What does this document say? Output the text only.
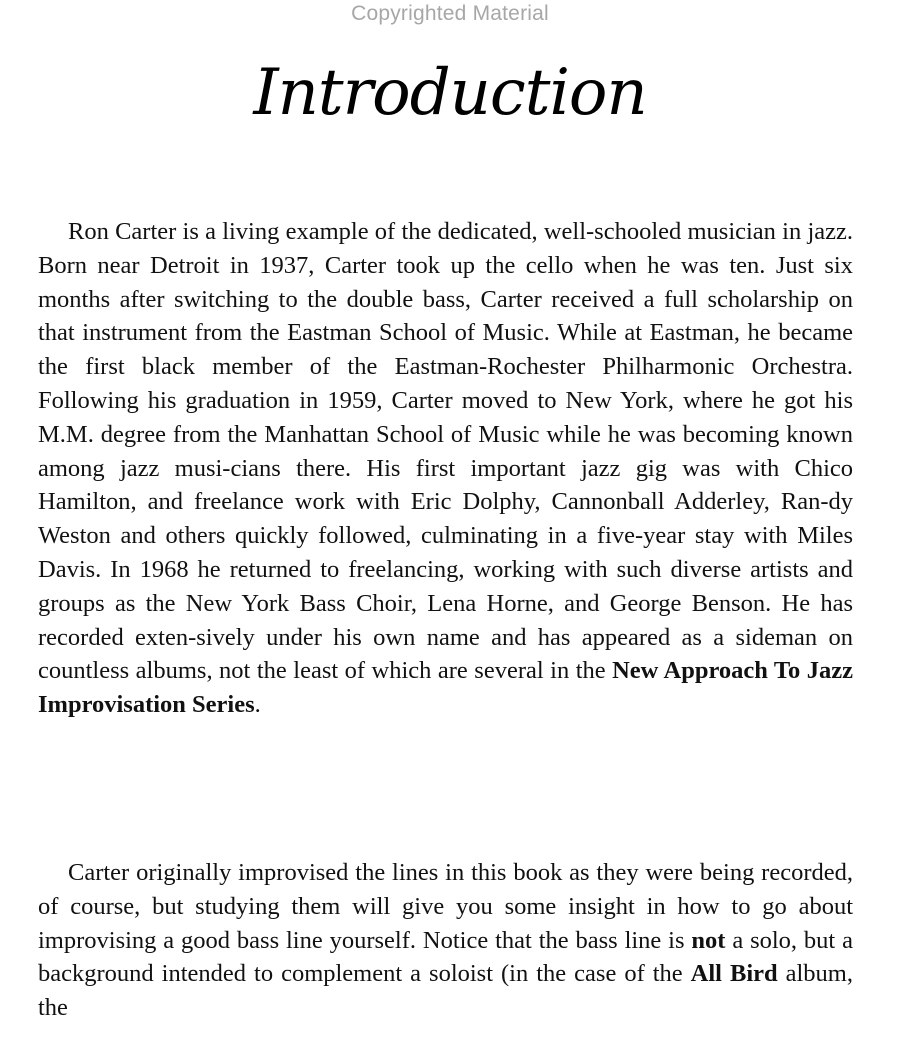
Copyrighted Material
Introduction

Ron Carter is a living example of the dedicated, well-schooled musician in jazz. Born near Detroit in 1937, Carter took up the cello when he was ten. Just six months after switching to the double bass, Carter received a full scholarship on that instrument from the Eastman School of Music. While at Eastman, he became the first black member of the Eastman-Rochester Philharmonic Orchestra. Following his graduation in 1959, Carter moved to New York, where he got his M.M. degree from the Manhattan School of Music while he was becoming known among jazz musi-cians there. His first important jazz gig was with Chico Hamilton, and freelance work with Eric Dolphy, Cannonball Adderley, Ran-dy Weston and others quickly followed, culminating in a five-year stay with Miles Davis. In 1968 he returned to freelancing, working with such diverse artists and groups as the New York Bass Choir, Lena Horne, and George Benson. He has recorded exten-sively under his own name and has appeared as a sideman on countless albums, not the least of which are several in the New Approach To Jazz Improvisation Series.

Carter originally improvised the lines in this book as they were being recorded, of course, but studying them will give you some insight in how to go about improvising a good bass line yourself. Notice that the bass line is not a solo, but a background intended to complement a soloist (in the case of the All Bird album, the
